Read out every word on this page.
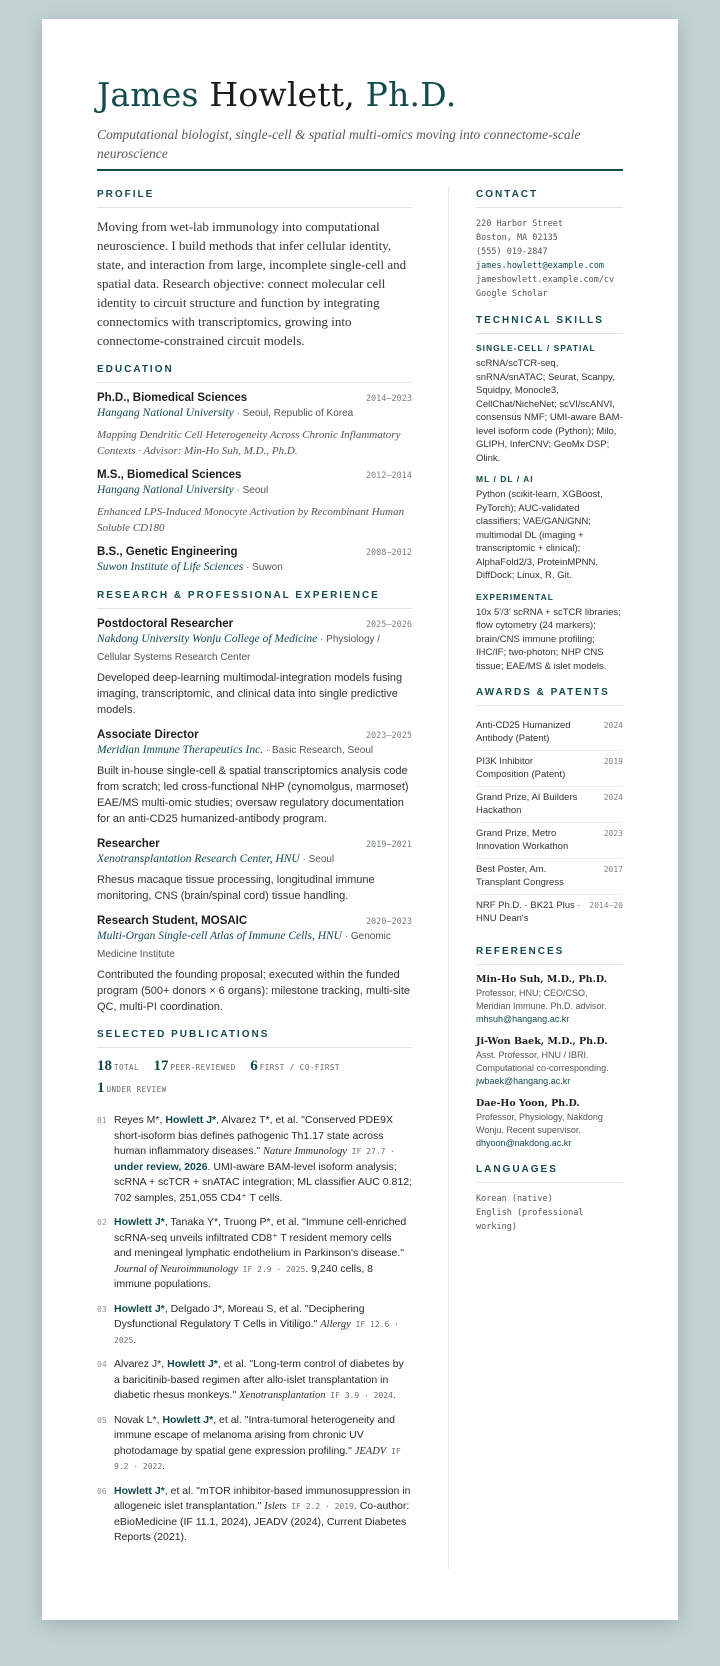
James Howlett, Ph.D.
Computational biologist, single-cell & spatial multi-omics moving into connectome-scale neuroscience
PROFILE

Moving from wet-lab immunology into computational neuroscience. I build methods that infer cellular identity, state, and interaction from large, incomplete single-cell and spatial data. Research objective: connect molecular cell identity to circuit structure and function by integrating connectomics with transcriptomics, growing into connectome-constrained circuit models.

EDUCATION
Ph.D., Biomedical Sciences	2014–2023
Hangang National University · Seoul, Republic of Korea
Mapping Dendritic Cell Heterogeneity Across Chronic Inflammatory Contexts · Advisor: Min-Ho Suh, M.D., Ph.D.
M.S., Biomedical Sciences	2012–2014
Hangang National University · Seoul
Enhanced LPS-Induced Monocyte Activation by Recombinant Human Soluble CD180
B.S., Genetic Engineering	2008–2012
Suwon Institute of Life Sciences · Suwon
RESEARCH & PROFESSIONAL EXPERIENCE
Postdoctoral Researcher	2025–2026
Nakdong University Wonju College of Medicine · Physiology / Cellular Systems Research Center
Developed deep-learning multimodal-integration models fusing imaging, transcriptomic, and clinical data into single predictive models.
Associate Director	2023–2025
Meridian Immune Therapeutics Inc. · Basic Research, Seoul
Built in-house single-cell & spatial transcriptomics analysis code from scratch; led cross-functional NHP (cynomolgus, marmoset) EAE/MS multi-omic studies; oversaw regulatory documentation for an anti-CD25 humanized-antibody program.
Researcher	2019–2021
Xenotransplantation Research Center, HNU · Seoul
Rhesus macaque tissue processing, longitudinal immune monitoring, CNS (brain/spinal cord) tissue handling.
Research Student, MOSAIC	2020–2023
Multi-Organ Single-cell Atlas of Immune Cells, HNU · Genomic Medicine Institute
Contributed the founding proposal; executed within the funded program (500+ donors × 6 organs): milestone tracking, multi-site QC, multi-PI coordination.
SELECTED PUBLICATIONS
18 TOTAL 17 PEER-REVIEWED 6 FIRST / CO-FIRST 1 UNDER REVIEW
01 Reyes M*, Howlett J*, Alvarez T*, et al. "Conserved PDE9X short-isoform bias defines pathogenic Th1.17 state across human inflammatory diseases." Nature Immunology IF 27.7 · under review, 2026. UMI-aware BAM-level isoform analysis; scRNA + scTCR + snATAC integration; ML classifier AUC 0.812; 702 samples, 251,055 CD4⁺ T cells.
02 Howlett J*, Tanaka Y*, Truong P*, et al. "Immune cell-enriched scRNA-seq unveils infiltrated CD8⁺ T resident memory cells and meningeal lymphatic endothelium in Parkinson's disease." Journal of Neuroimmunology IF 2.9 · 2025. 9,240 cells, 8 immune populations.
03 Howlett J*, Delgado J*, Moreau S, et al. "Deciphering Dysfunctional Regulatory T Cells in Vitiligo." Allergy IF 12.6 · 2025.
04 Alvarez J*, Howlett J*, et al. "Long-term control of diabetes by a baricitinib-based regimen after allo-islet transplantation in diabetic rhesus monkeys." Xenotransplantation IF 3.9 · 2024.
05 Novak L*, Howlett J*, et al. "Intra-tumoral heterogeneity and immune escape of melanoma arising from chronic UV photodamage by spatial gene expression profiling." JEADV IF 9.2 · 2022.
06 Howlett J*, et al. "mTOR inhibitor-based immunosuppression in allogeneic islet transplantation." Islets IF 2.2 · 2019. Co-author: eBioMedicine (IF 11.1, 2024), JEADV (2024), Current Diabetes Reports (2021).
CONTACT
220 Harbor Street
Boston, MA 02135
(555) 019-2847
james.howlett@example.com
jameshowlett.example.com/cv
Google Scholar
TECHNICAL SKILLS
SINGLE-CELL / SPATIAL
scRNA/scTCR-seq, snRNA/snATAC; Seurat, Scanpy, Squidpy, Monocle3, CellChat/NicheNet; scVI/scANVI, consensus NMF; UMI-aware BAM-level isoform code (Python); Milo, GLIPH, InferCNV; GeoMx DSP; Olink.
ML / DL / AI
Python (scikit-learn, XGBoost, PyTorch); AUC-validated classifiers; VAE/GAN/GNN; multimodal DL (imaging + transcriptomic + clinical); AlphaFold2/3, ProteinMPNN, DiffDock; Linux, R, Git.
EXPERIMENTAL
10x 5′/3′ scRNA + scTCR libraries; flow cytometry (24 markers); brain/CNS immune profiling; IHC/IF; two-photon; NHP CNS tissue; EAE/MS & islet models.
AWARDS & PATENTS
Anti-CD25 Humanized Antibody (Patent)
2024
PI3K Inhibitor Composition (Patent)
2019
Grand Prize, AI Builders Hackathon
2024
Grand Prize, Metro Innovation Workathon
2023
Best Poster, Am. Transplant Congress
2017
NRF Ph.D. · BK21 Plus · HNU Dean's
2014–20
REFERENCES
Min-Ho Suh, M.D., Ph.D.
Professor, HNU; CEO/CSO, Meridian Immune. Ph.D. advisor.
mhsuh@hangang.ac.kr
Ji-Won Baek, M.D., Ph.D.
Asst. Professor, HNU / IBRI. Computational co-corresponding.
jwbaek@hangang.ac.kr
Dae-Ho Yoon, Ph.D.
Professor, Physiology, Nakdong Wonju. Recent supervisor.
dhyoon@nakdong.ac.kr
LANGUAGES
Korean (native)
English (professional working)
